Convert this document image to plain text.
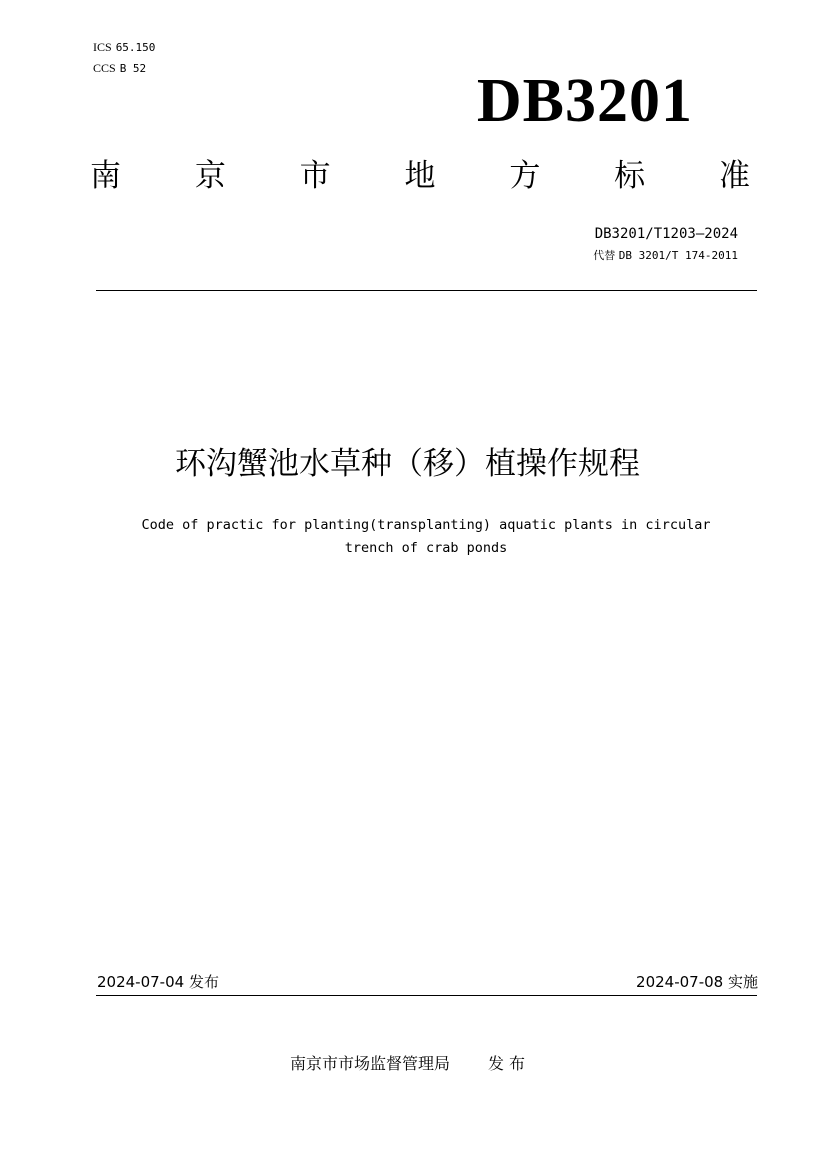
ICS 65.150
CCS B 52	DB3201
南 京 市 地 方 标 准
DB3201/T1203—2024
代替 DB 3201/T 174-2011
环沟蟹池水草种（移）植操作规程
Code of practic for planting(transplanting) aquatic plants in circular
trench of crab ponds
2024-07-04 发布	2024-07-08 实施
南京市市场监督管理局 发 布
